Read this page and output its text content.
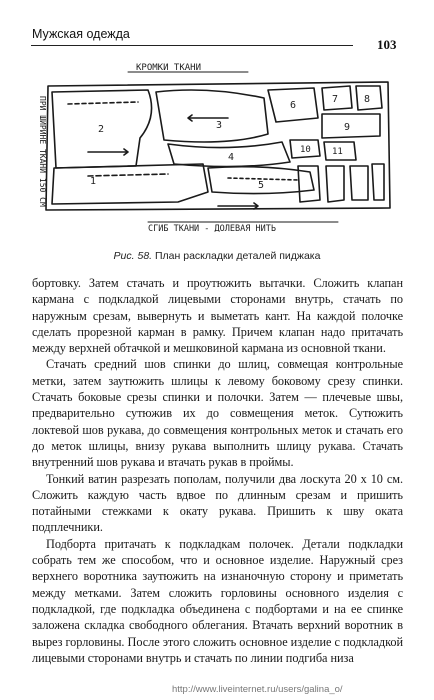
Мужская одежда
103
КРОМКИ ТКАНИ
СГИБ ТКАНИ - ДОЛЕВАЯ НИТЬ
ПРИ ШИРИНЕ ТКАНИ 150 СМ	1
2	3
4
5
6
7	8
9
10 11
Рис. 58. План раскладки деталей пиджака

бортовку. Затем стачать и проутюжить вытачки. Сложить клапан кармана с подкладкой лицевыми сторонами внутрь, стачать по наружным срезам, вывернуть и выметать кант. На каждой полочке сделать прорезной карман в рамку. Причем клапан надо притачать между верхней обтачкой и мешковиной кармана из основной ткани.

Стачать средний шов спинки до шлиц, совмещая контрольные метки, затем заутюжить шлицы к левому боковому срезу спинки. Стачать боковые срезы спинки и полочки. Затем — плечевые швы, предварительно сутюжив их до совмещения меток. Сутюжить локтевой шов рукава, до совмещения контрольных меток и стачать его до меток шлицы, внизу рукава выполнить шлицу рукава. Стачать внутренний шов рукава и втачать рукав в проймы.

Тонкий ватин разрезать пополам, получили два лоскута 20 х 10 см. Сложить каждую часть вдвое по длинным срезам и пришить потайными стежками к окату рукава. Пришить к шву оката подплечники.

Подборта притачать к подкладкам полочек. Детали подкладки собрать тем же способом, что и основное изделие. Наружный срез верхнего воротника заутюжить на изнаночную сторону и приметать между метками. Затем сложить горловины основного изделия с подкладкой, где подкладка объединена с подбортами и на ее спинке заложена складка свободного облегания. Втачать верхний воротник в вырез горловины. После этого сложить основное изделие с подкладкой лицевыми сторонами внутрь и стачать по линии подгиба низа

http://www.liveinternet.ru/users/galina_o/
